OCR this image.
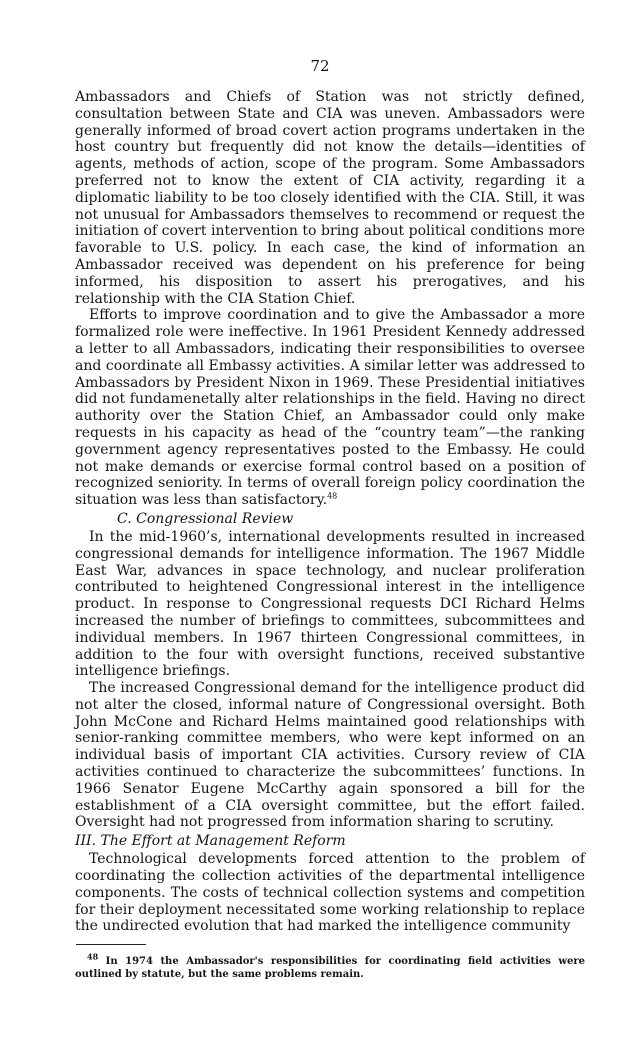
72

Ambassadors and Chiefs of Station was not strictly defined, consultation between State and CIA was uneven. Ambassadors were generally informed of broad covert action programs undertaken in the host country but frequently did not know the details—identities of agents, methods of action, scope of the program. Some Ambassadors preferred not to know the extent of CIA activity, regarding it a diplomatic liability to be too closely identified with the CIA. Still, it was not unusual for Ambassadors themselves to recommend or request the initiation of covert intervention to bring about political conditions more favorable to U.S. policy. In each case, the kind of information an Ambassador received was dependent on his preference for being informed, his disposition to assert his prerogatives, and his relationship with the CIA Station Chief.

Efforts to improve coordination and to give the Ambassador a more formalized role were ineffective. In 1961 President Kennedy addressed a letter to all Ambassadors, indicating their responsibilities to oversee and coordinate all Embassy activities. A similar letter was addressed to Ambassadors by President Nixon in 1969. These Presidential initiatives did not fundamenetally alter relationships in the field. Having no direct authority over the Station Chief, an Ambassador could only make requests in his capacity as head of the “country team”—the ranking government agency representatives posted to the Embassy. He could not make demands or exercise formal control based on a position of recognized seniority. In terms of overall foreign policy coordination the situation was less than satisfactory.$^{48}$

C. Congressional Review

In the mid-1960’s, international developments resulted in increased congressional demands for intelligence information. The 1967 Middle East War, advances in space technology, and nuclear proliferation contributed to heightened Congressional interest in the intelligence product. In response to Congressional requests DCI Richard Helms increased the number of briefings to committees, subcommittees and individual members. In 1967 thirteen Congressional committees, in addition to the four with oversight functions, received substantive intelligence briefings.

The increased Congressional demand for the intelligence product did not alter the closed, informal nature of Congressional oversight. Both John McCone and Richard Helms maintained good relationships with senior-ranking committee members, who were kept informed on an individual basis of important CIA activities. Cursory review of CIA activities continued to characterize the subcommittees’ functions. In 1966 Senator Eugene McCarthy again sponsored a bill for the establishment of a CIA oversight committee, but the effort failed. Oversight had not progressed from information sharing to scrutiny.

III. The Effort at Management Reform

Technological developments forced attention to the problem of coordinating the collection activities of the departmental intelligence components. The costs of technical collection systems and competition for their deployment necessitated some working relationship to replace the undirected evolution that had marked the intelligence community

$^{48}$ In 1974 the Ambassador's responsibilities for coordinating field activities were outlined by statute, but the same problems remain.
